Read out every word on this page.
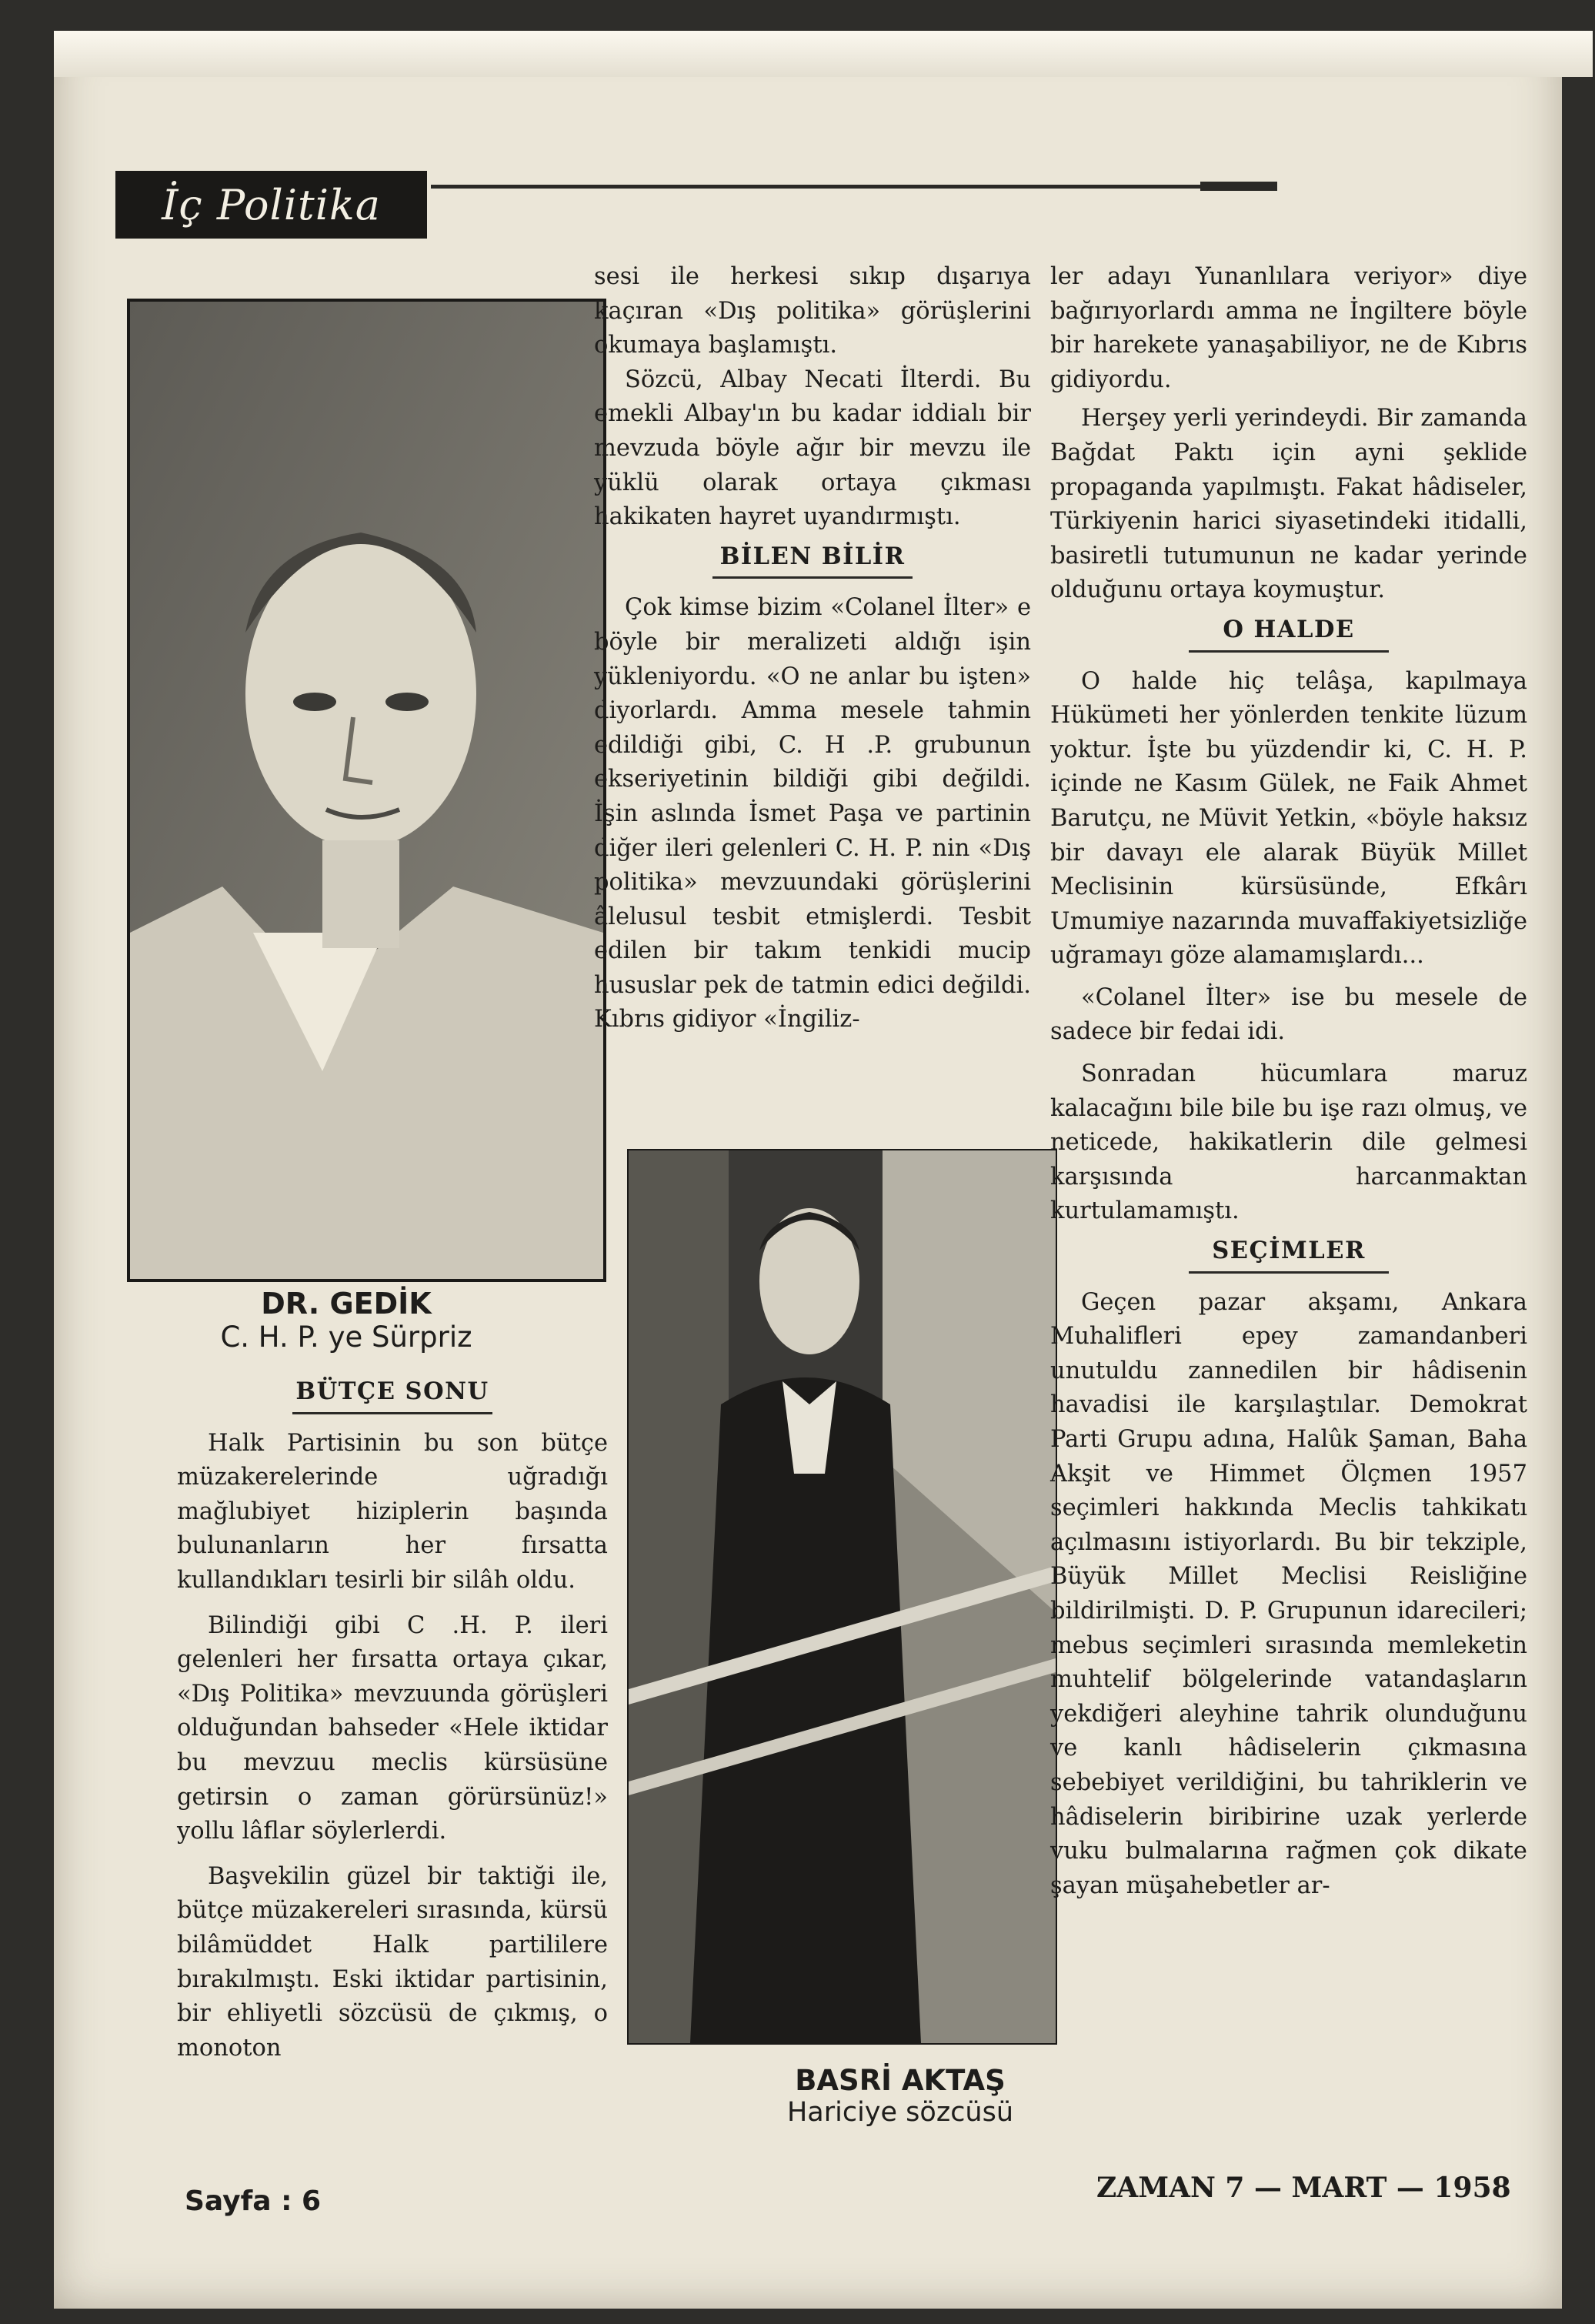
İç Politika
DR. GEDİK
C. H. P. ye Sürpriz
BÜTÇE SONU

Halk Partisinin bu son bütçe müzakerelerinde uğradığı mağlubiyet hiziplerin başında bulunanların her fırsatta kullandıkları tesirli bir silâh oldu.

Bilindiği gibi C .H. P. ileri gelenleri her fırsatta ortaya çıkar, «Dış Politika» mevzuunda görüşleri olduğundan bahseder «Hele iktidar bu mevzuu meclis kürsüsüne getirsin o zaman görürsünüz!» yollu lâflar söylerlerdi.

Başvekilin güzel bir taktiği ile, bütçe müzakereleri sırasında, kürsü bilâmüddet Halk partililere bırakılmıştı. Eski iktidar partisinin, bir ehliyetli sözcüsü de çıkmış, o monoton

sesi ile herkesi sıkıp dışarıya kaçıran «Dış politika» görüşlerini okumaya başlamıştı.

Sözcü, Albay Necati İlterdi. Bu emekli Albay'ın bu kadar iddialı bir mevzuda böyle ağır bir mevzu ile yüklü olarak ortaya çıkması hakikaten hayret uyandırmıştı.

BİLEN BİLİR

Çok kimse bizim «Colanel İlter» e böyle bir meralizeti aldığı işin yükleniyordu. «O ne anlar bu işten» diyorlardı. Amma mesele tahmin edildiği gibi, C. H .P. grubunun ekseriyetinin bildiği gibi değildi. İşin aslında İsmet Paşa ve partinin diğer ileri gelenleri C. H. P. nin «Dış politika» mevzuundaki görüşlerini âlelusul tesbit etmişlerdi. Tesbit edilen bir takım tenkidi mucip hususlar pek de tatmin edici değildi. Kıbrıs gidiyor «İngiliz-

BASRİ AKTAŞ
Hariciye sözcüsü

ler adayı Yunanlılara veriyor» diye bağırıyorlardı amma ne İngiltere böyle bir harekete yanaşabiliyor, ne de Kıbrıs gidiyordu.

Herşey yerli yerindeydi. Bir zamanda Bağdat Paktı için ayni şeklide propaganda yapılmıştı. Fakat hâdiseler, Türkiyenin harici siyasetindeki itidalli, basiretli tutumunun ne kadar yerinde olduğunu ortaya koymuştur.

O HALDE

O halde hiç telâşa, kapılmaya Hükümeti her yönlerden tenkite lüzum yoktur. İşte bu yüzdendir ki, C. H. P. içinde ne Kasım Gülek, ne Faik Ahmet Barutçu, ne Müvit Yetkin, «böyle haksız bir davayı ele alarak Büyük Millet Meclisinin kürsüsünde, Efkârı Umumiye nazarında muvaffakiyetsizliğe uğramayı göze alamamışlardı...

«Colanel İlter» ise bu mesele de sadece bir fedai idi.

Sonradan hücumlara maruz kalacağını bile bile bu işe razı olmuş, ve neticede, hakikatlerin dile gelmesi karşısında harcanmaktan kurtulamamıştı.

SEÇİMLER

Geçen pazar akşamı, Ankara Muhalifleri epey zamandanberi unutuldu zannedilen bir hâdisenin havadisi ile karşılaştılar. Demokrat Parti Grupu adına, Halûk Şaman, Baha Akşit ve Himmet Ölçmen 1957 seçimleri hakkında Meclis tahkikatı açılmasını istiyorlardı. Bu bir tekziple, Büyük Millet Meclisi Reisliğine bildirilmişti. D. P. Grupunun idarecileri; mebus seçimleri sırasında memleketin muhtelif bölgelerinde vatandaşların yekdiğeri aleyhine tahrik olunduğunu ve kanlı hâdiselerin çıkmasına sebebiyet verildiğini, bu tahriklerin ve hâdiselerin biribirine uzak yerlerde vuku bulmalarına rağmen çok dikate şayan müşahebetler ar-

Sayfa : 6	ZAMAN 7 — MART — 1958
